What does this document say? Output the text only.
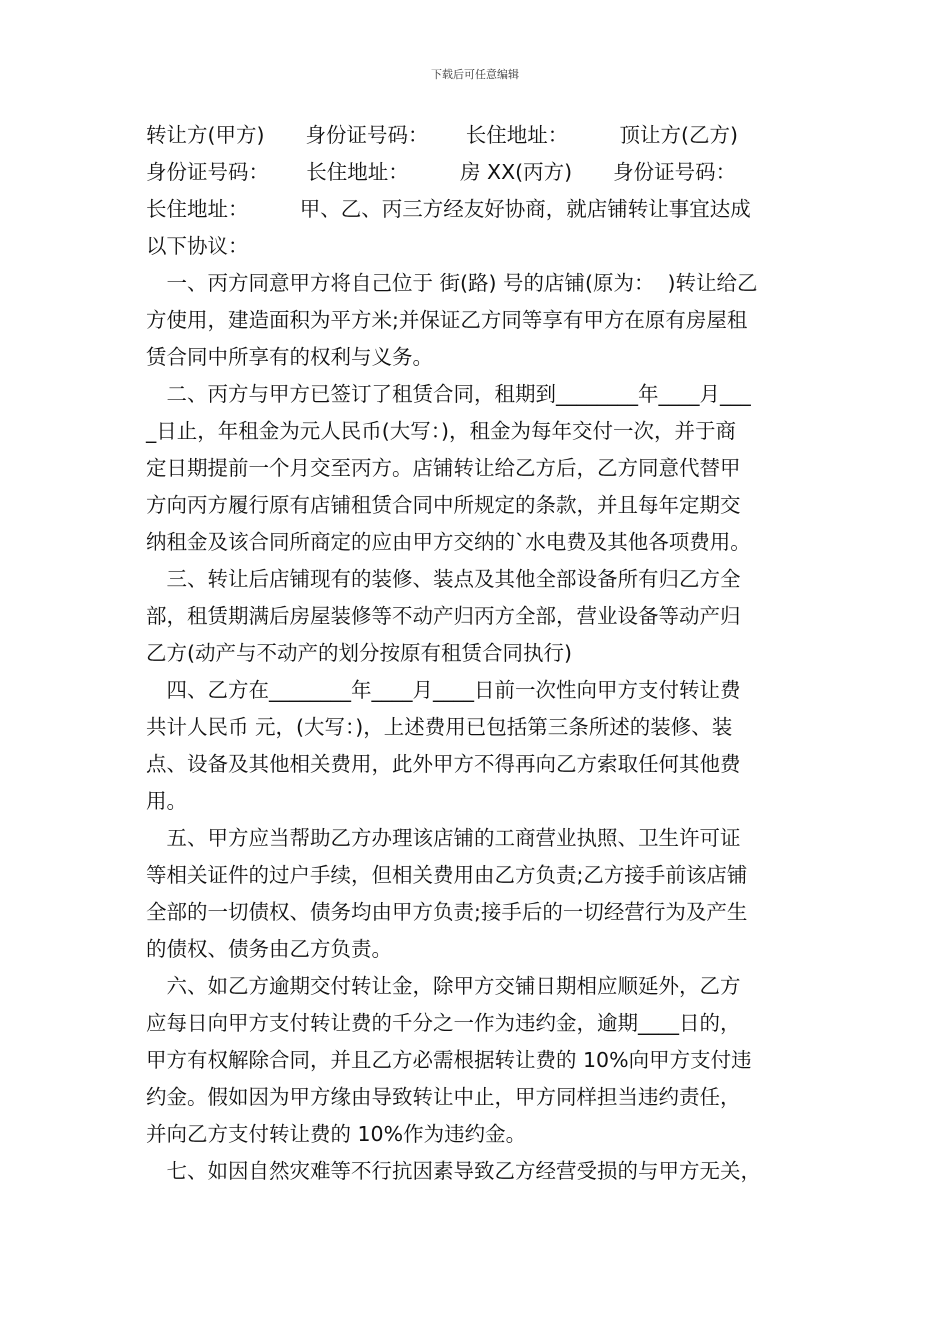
下载后可任意编辑
转让方(甲方)　　身份证号码：　　 长住地址：　　　顶让方(乙方)
身份证号码：　　 长住地址：　　　房 XX(丙方)　　身份证号码：
长住地址：　　　甲、乙、丙三方经友好协商，就店铺转让事宜达成
以下协议：
　一、丙方同意甲方将自己位于 街(路) 号的店铺(原为：  )转让给乙
方使用，建造面积为平方米;并保证乙方同等享有甲方在原有房屋租
赁合同中所享有的权利与义务。
　二、丙方与甲方已签订了租赁合同，租期到________年____月___
_日止，年租金为元人民币(大写：)，租金为每年交付一次，并于商
定日期提前一个月交至丙方。店铺转让给乙方后，乙方同意代替甲
方向丙方履行原有店铺租赁合同中所规定的条款，并且每年定期交
纳租金及该合同所商定的应由甲方交纳的`水电费及其他各项费用。
　三、转让后店铺现有的装修、装点及其他全部设备所有归乙方全
部，租赁期满后房屋装修等不动产归丙方全部，营业设备等动产归
乙方(动产与不动产的划分按原有租赁合同执行)
　四、乙方在________年____月____日前一次性向甲方支付转让费
共计人民币 元，(大写：)，上述费用已包括第三条所述的装修、装
点、设备及其他相关费用，此外甲方不得再向乙方索取任何其他费
用。
　五、甲方应当帮助乙方办理该店铺的工商营业执照、卫生许可证
等相关证件的过户手续，但相关费用由乙方负责;乙方接手前该店铺
全部的一切债权、债务均由甲方负责;接手后的一切经营行为及产生
的债权、债务由乙方负责。
　六、如乙方逾期交付转让金，除甲方交铺日期相应顺延外，乙方
应每日向甲方支付转让费的千分之一作为违约金，逾期____日的，
甲方有权解除合同，并且乙方必需根据转让费的 10%向甲方支付违
约金。假如因为甲方缘由导致转让中止，甲方同样担当违约责任，
并向乙方支付转让费的 10%作为违约金。
　七、如因自然灾难等不行抗因素导致乙方经营受损的与甲方无关，
